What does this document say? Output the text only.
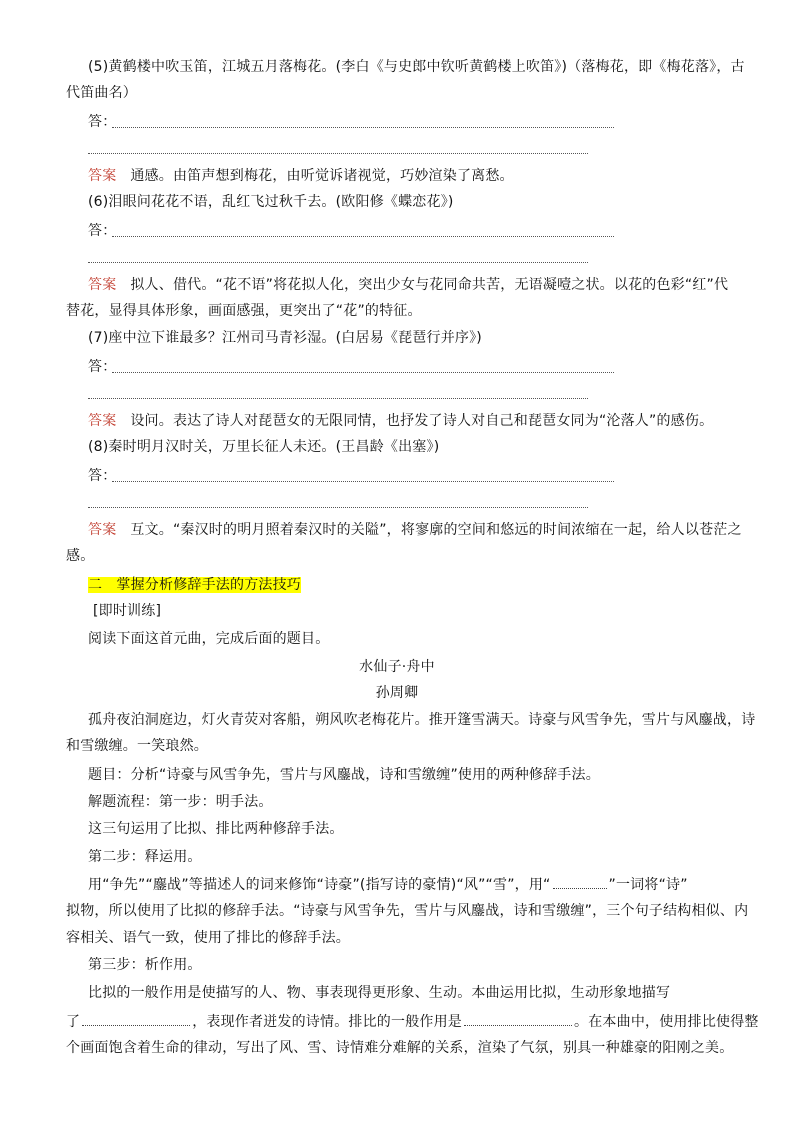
(5)黄鹤楼中吹玉笛，江城五月落梅花。(李白《与史郎中钦听黄鹤楼上吹笛》)（落梅花，即《梅花落》，古
代笛曲名）
答：
答案 通感。由笛声想到梅花，由听觉诉诸视觉，巧妙渲染了离愁。
(6)泪眼问花花不语，乱红飞过秋千去。(欧阳修《蝶恋花》)
答：
答案 拟人、借代。“花不语”将花拟人化，突出少女与花同命共苦，无语凝噎之状。以花的色彩“红”代
替花，显得具体形象，画面感强，更突出了“花”的特征。
(7)座中泣下谁最多？江州司马青衫湿。(白居易《琵琶行并序》)
答：
答案 设问。表达了诗人对琵琶女的无限同情，也抒发了诗人对自己和琵琶女同为“沦落人”的感伤。
(8)秦时明月汉时关，万里长征人未还。(王昌龄《出塞》)
答：
答案 互文。“秦汉时的明月照着秦汉时的关隘”，将寥廓的空间和悠远的时间浓缩在一起，给人以苍茫之
感。
二　掌握分析修辞手法的方法技巧
[即时训练]
阅读下面这首元曲，完成后面的题目。
水仙子·舟中
孙周卿
孤舟夜泊洞庭边，灯火青荧对客船，朔风吹老梅花片。推开篷雪满天。诗豪与风雪争先，雪片与风鏖战，诗
和雪缴缠。一笑琅然。
题目：分析“诗豪与风雪争先，雪片与风鏖战，诗和雪缴缠”使用的两种修辞手法。
解题流程：第一步：明手法。
这三句运用了比拟、排比两种修辞手法。
第二步：释运用。
用“争先”“鏖战”等描述人的词来修饰“诗豪”(指写诗的豪情)“风”“雪”，用“	”一词将“诗”
拟物，所以使用了比拟的修辞手法。“诗豪与风雪争先，雪片与风鏖战，诗和雪缴缠”，三个句子结构相似、内
容相关、语气一致，使用了排比的修辞手法。
第三步：析作用。
比拟的一般作用是使描写的人、物、事表现得更形象、生动。本曲运用比拟，生动形象地描写
了	，表现作者迸发的诗情。排比的一般作用是	。在本曲中，使用排比使得整
个画面饱含着生命的律动，写出了风、雪、诗情难分难解的关系，渲染了气氛，别具一种雄豪的阳刚之美。
